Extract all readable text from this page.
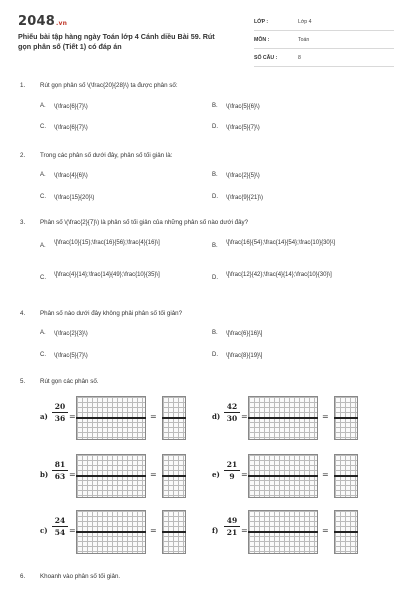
2048.vn
Phiếu bài tập hàng ngày Toán lớp 4 Cánh diều Bài 59. Rút gọn phân số (Tiết 1) có đáp án
LỚP :	Lớp 4
MÔN :	Toán
SỐ CÂU :	8
1. Rút gọn phân số \(\frac{20}{28}\) ta được phân số:
A. \(\frac{6}{7}\)	B. \(\frac{5}{6}\)
C. \(\frac{6}{7}\)	D. \(\frac{5}{7}\)
2. Trong các phân số dưới đây, phân số tối giản là:
A. \(\frac{4}{6}\)	B. \(\frac{2}{5}\)
C. \(\frac{15}{20}\)	D. \(\frac{9}{21}\)
3. Phân số \(\frac{2}{7}\) là phân số tối giản của những phân số nào dưới đây?
A. \[\frac{10}{15};\frac{16}{56};\frac{4}{16}\]	B. \[\frac{16}{54};\frac{14}{54};\frac{10}{30}\]
C. \[\frac{4}{14};\frac{14}{49};\frac{10}{35}\]	D. \[\frac{12}{42};\frac{4}{14};\frac{10}{30}\]
4. Phân số nào dưới đây không phải phân số tối giản?
A. \(\frac{2}{3}\)	B. \[\frac{6}{16}\]
C. \(\frac{5}{7}\)	D. \[\frac{8}{19}\]
5. Rút gọn các phân số.
$a) \frac{20}{36}$ =	=	$d) \frac{42}{30}$ =	=
$b) \frac{81}{63}$ =	=	$e) \frac{21}{9}$ =	=
$c) \frac{24}{54}$ =	=	$f) \frac{49}{21}$ =	=
6. Khoanh vào phân số tối giản.
